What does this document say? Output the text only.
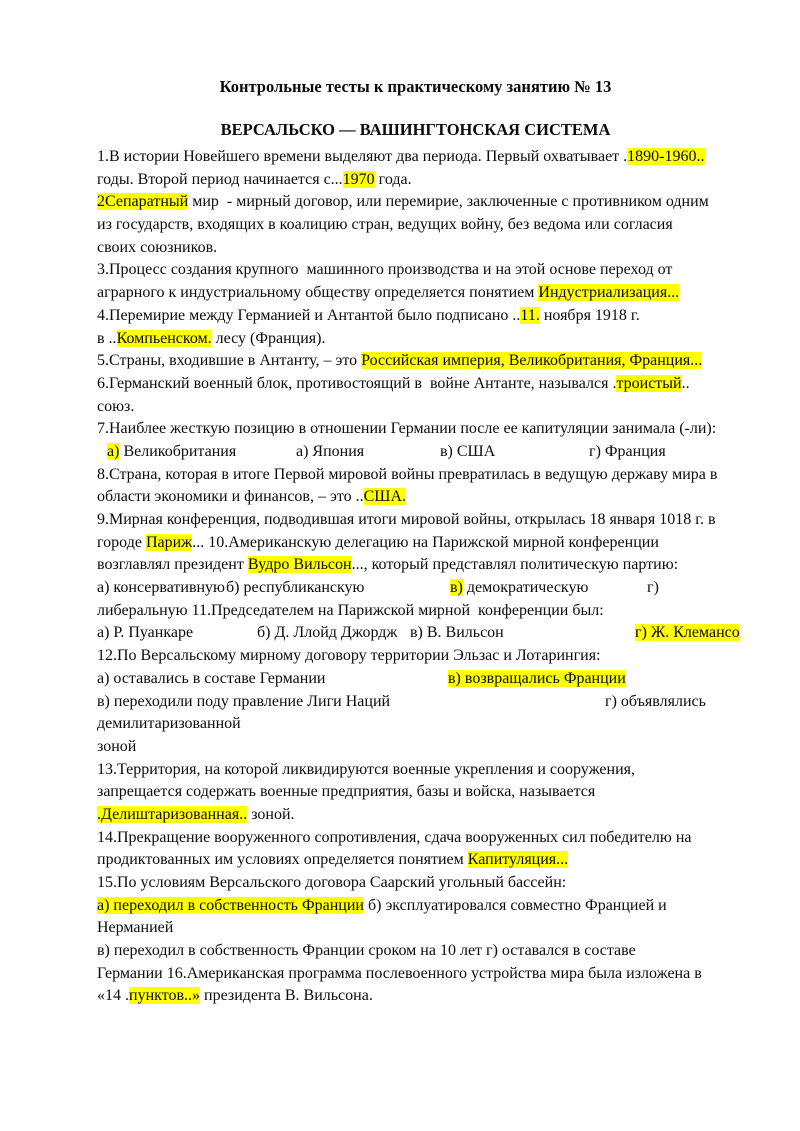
Контрольные тесты к практическому занятию № 13
ВЕРСАЛЬСКО — ВАШИНГТОНСКАЯ СИСТЕМА
1.В истории Новейшего времени выделяют два периода. Первый охватывает .1890-1960..
годы. Второй период начинается с...1970 года.
2Сепаратный мир  - мирный договор, или перемирие, заключенные с противником одним
из государств, входящих в коалицию стран, ведущих войну, без ведома или согласия
своих союзников.
3.Процесс создания крупного  машинного производства и на этой основе переход от
аграрного к индустриальному обществу определяется понятием Индустриализация...
4.Перемирие между Германией и Антантой было подписано ..11. ноября 1918 г.
в ..Компьенском. лесу (Франция).
5.Страны, входившие в Антанту, – это Российская империя, Великобритания, Франция...
6.Германский военный блок, противостоящий в  войне Антанте, назывался .троистый..
союз.
7.Наиблее жесткую позицию в отношении Германии после ее капитуляции занимала (-ли):
а) Великобритания	а) Япония	в) США	г) Франция
8.Страна, которая в итоге Первой мировой войны превратилась в ведущую державу мира в
области экономики и финансов, – это ..США.
9.Мирная конференция, подводившая итоги мировой войны, открылась 18 января 1018 г. в
городе Париж... 10.Американскую делегацию на Парижской мирной конференции
возглавлял президент Вудро Вильсон..., который представлял политическую партию:
а) консервативную б) республиканскую	в) демократическую	г)
либеральную 11.Председателем на Парижской мирной  конференции был:
а) Р. Пуанкаре	б) Д. Ллойд Джордж в) В. Вильсон	г) Ж. Клемансо
12.По Версальскому мирному договору территории Эльзас и Лотарингия:
а) оставались в составе Германии	в) возвращались Франции
в) переходили поду правление Лиги Наций	г) объявлялись
демилитаризованной
зоной
13.Территория, на которой ликвидируются военные укрепления и сооружения,
запрещается содержать военные предприятия, базы и войска, называется
.Делиштаризованная.. зоной.
14.Прекращение вооруженного сопротивления, сдача вооруженных сил победителю на
продиктованных им условиях определяется понятием Капитуляция...
15.По условиям Версальского договора Саарский угольный бассейн:
а) переходил в собственность Франции б) эксплуатировался совместно Францией и
Нерманией
в) переходил в собственность Франции сроком на 10 лет г) оставался в составе
Германии 16.Американская программа послевоенного устройства мира была изложена в
«14 .пунктов..» президента В. Вильсона.
